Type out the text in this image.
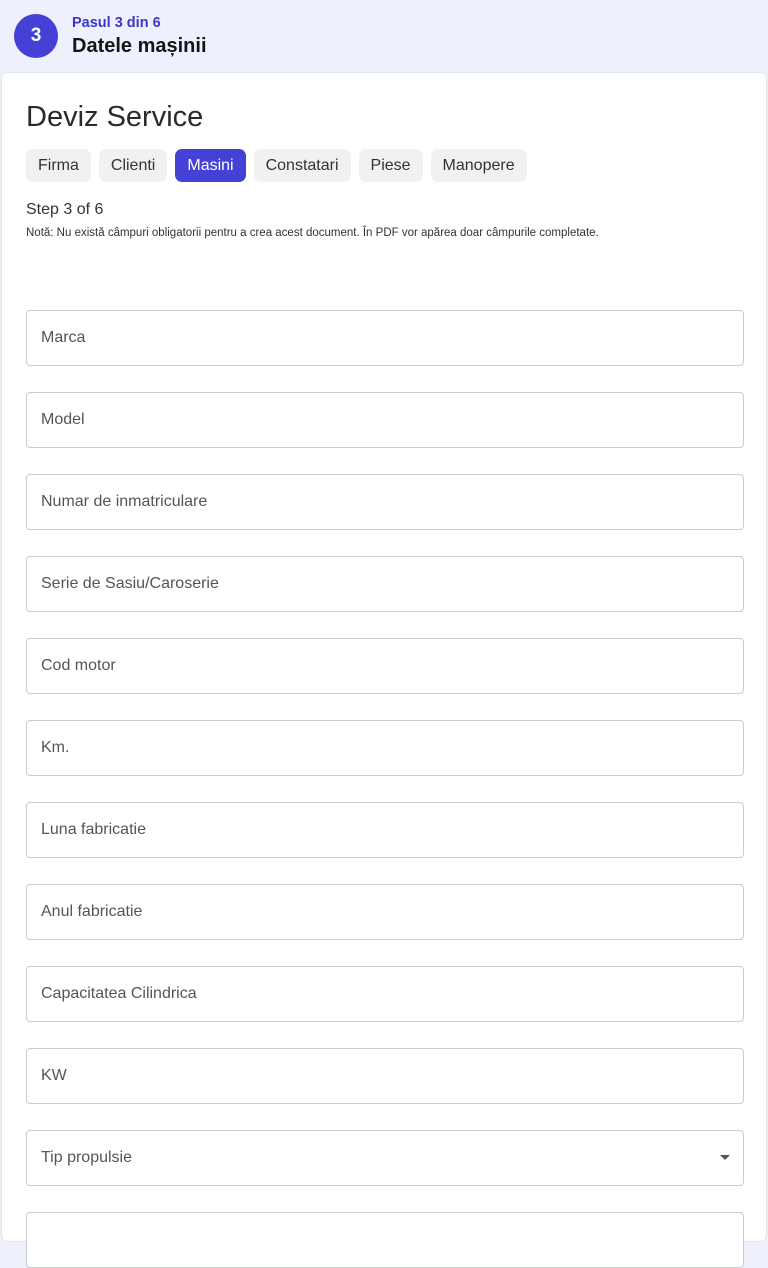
3
Pasul 3 din 6
Datele mașinii
Deviz Service
Firma	Clienti	Masini	Constatari	Piese	Manopere
Step 3 of 6
Notă: Nu există câmpuri obligatorii pentru a crea acest document. În PDF vor apărea doar câmpurile completate.
Marca
Model
Numar de inmatriculare
Serie de Sasiu/Caroserie
Cod motor
Km.
Luna fabricatie
Anul fabricatie
Capacitatea Cilindrica
KW
Tip propulsie
